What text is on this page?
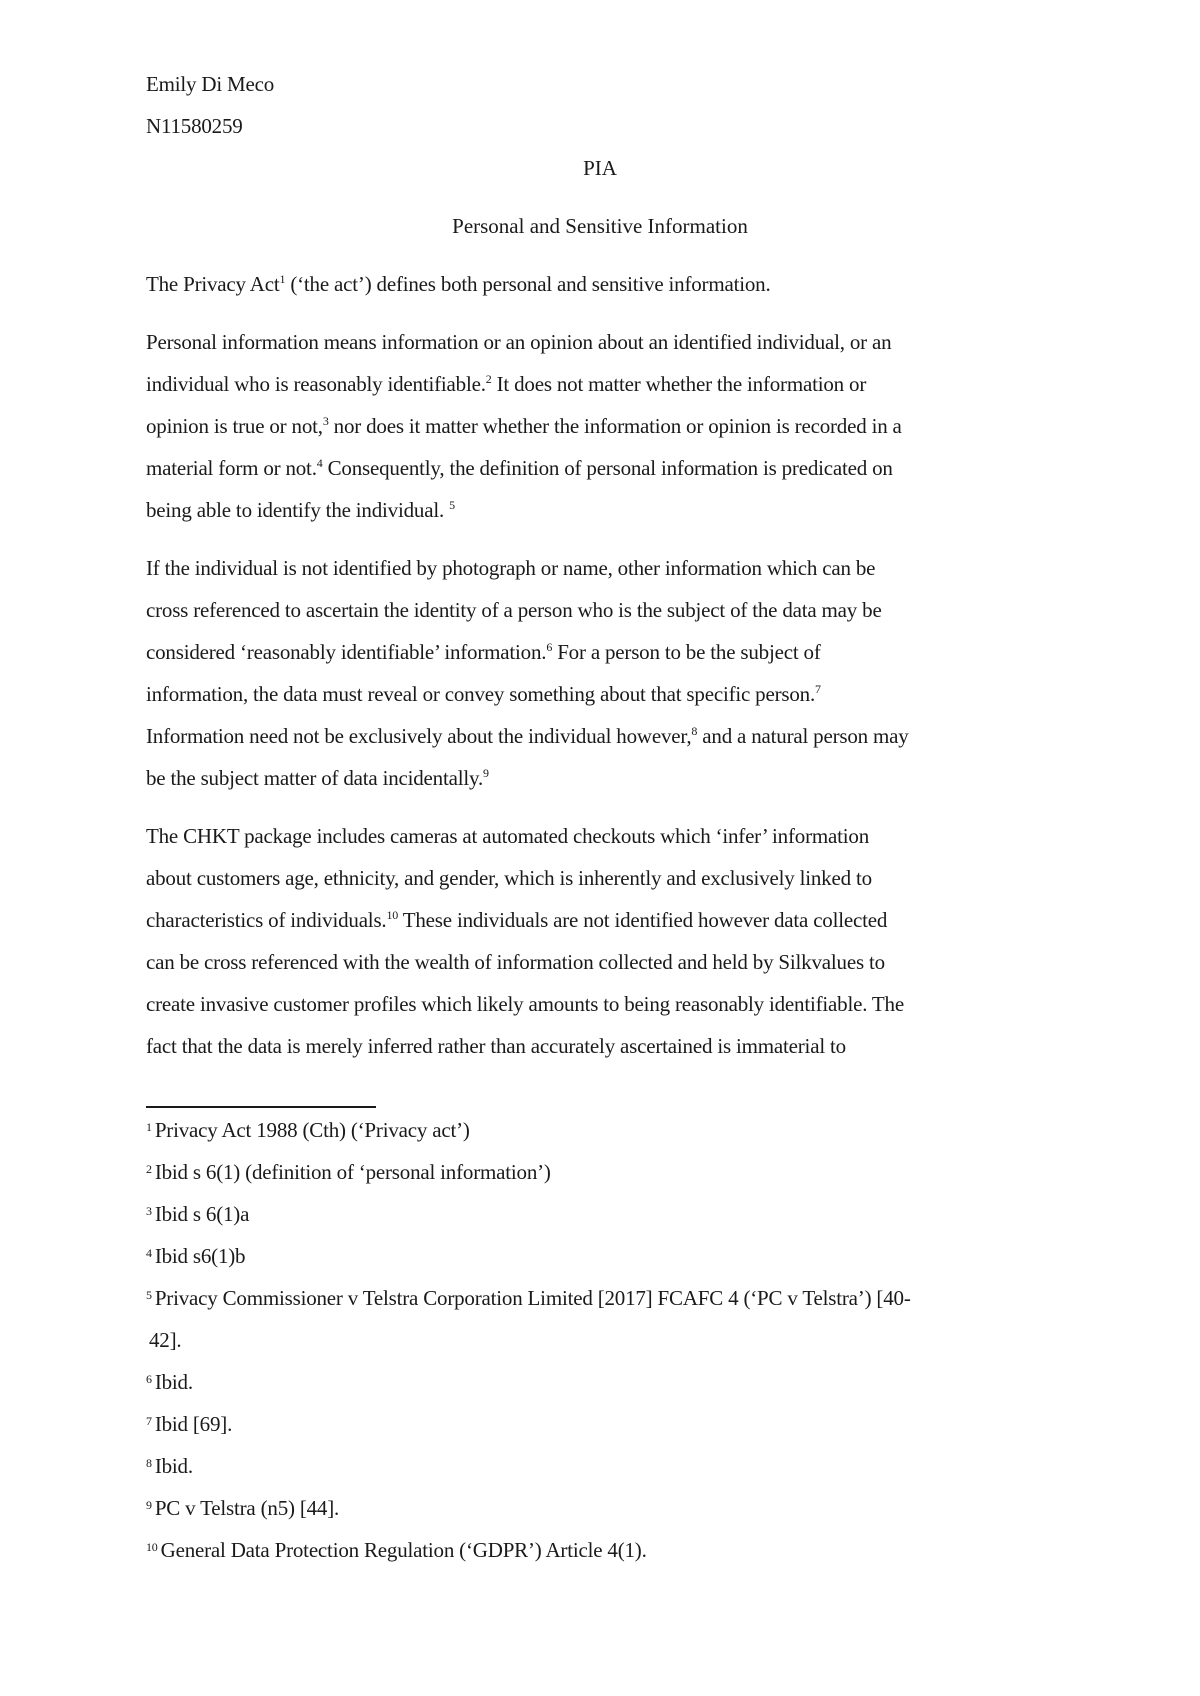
Emily Di Meco
N11580259
PIA
Personal and Sensitive Information
The Privacy Act$^1$ (‘the act’) defines both personal and sensitive information.
Personal information means information or an opinion about an identified individual, or an
individual who is reasonably identifiable.$^2$ It does not matter whether the information or
opinion is true or not,$^3$ nor does it matter whether the information or opinion is recorded in a
material form or not.$^4$ Consequently, the definition of personal information is predicated on
being able to identify the individual. $^5$
If the individual is not identified by photograph or name, other information which can be
cross referenced to ascertain the identity of a person who is the subject of the data may be
considered ‘reasonably identifiable’ information.$^6$ For a person to be the subject of
information, the data must reveal or convey something about that specific person.$^7$
Information need not be exclusively about the individual however,$^8$ and a natural person may
be the subject matter of data incidentally.$^9$
The CHKT package includes cameras at automated checkouts which ‘infer’ information
about customers age, ethnicity, and gender, which is inherently and exclusively linked to
characteristics of individuals.$^{10}$ These individuals are not identified however data collected
can be cross referenced with the wealth of information collected and held by Silkvalues to
create invasive customer profiles which likely amounts to being reasonably identifiable. The
fact that the data is merely inferred rather than accurately ascertained is immaterial to
$^1$ Privacy Act 1988 (Cth) (‘Privacy act’)
$^2$ Ibid s 6(1) (definition of ‘personal information’)
$^3$ Ibid s 6(1)a
$^4$ Ibid s6(1)b
$^5$ Privacy Commissioner v Telstra Corporation Limited [2017] FCAFC 4 (‘PC v Telstra’) [40-
42].
$^6$ Ibid.
$^7$ Ibid [69].
$^8$ Ibid.
$^9$ PC v Telstra (n5) [44].
$^{10}$ General Data Protection Regulation (‘GDPR’) Article 4(1).
